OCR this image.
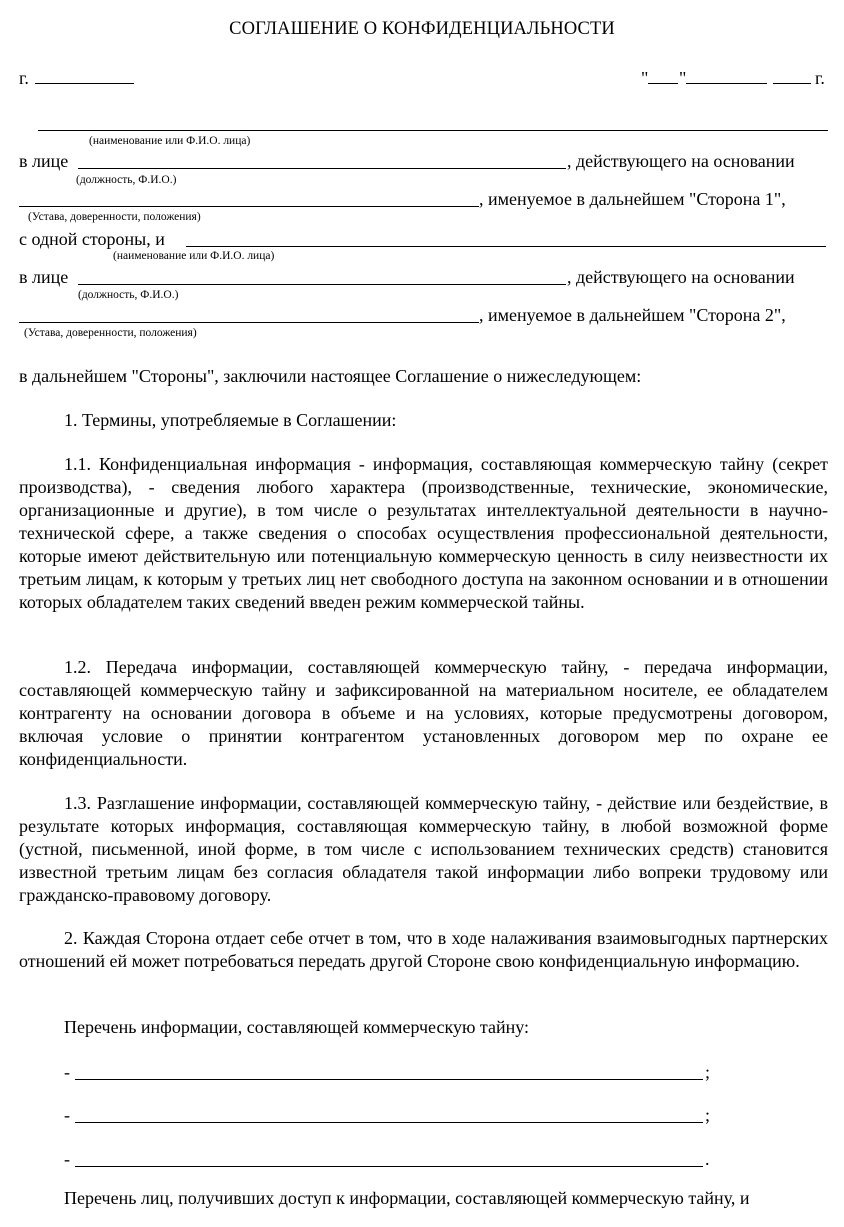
СОГЛАШЕНИЕ О КОНФИДЕНЦИАЛЬНОСТИ
г.	" "	г.
(наименование или Ф.И.О. лица)
в лице	, действующего на основании
(должность, Ф.И.О.)
, именуемое в дальнейшем "Сторона 1",
(Устава, доверенности, положения)
с одной стороны, и
(наименование или Ф.И.О. лица)
в лице	, действующего на основании
(должность, Ф.И.О.)
, именуемое в дальнейшем "Сторона 2",
(Устава, доверенности, положения)
в дальнейшем "Стороны", заключили настоящее Соглашение о нижеследующем:
1. Термины, употребляемые в Соглашении:
1.1. Конфиденциальная информация - информация, составляющая коммерческую тайну (секрет производства), - сведения любого характера (производственные, технические, экономические, организационные и другие), в том числе о результатах интеллектуальной деятельности в научно-технической сфере, а также сведения о способах осуществления профессиональной деятельности, которые имеют действительную или потенциальную коммерческую ценность в силу неизвестности их третьим лицам, к которым у третьих лиц нет свободного доступа на законном основании и в отношении которых обладателем таких сведений введен режим коммерческой тайны.
1.2. Передача информации, составляющей коммерческую тайну, - передача информации, составляющей коммерческую тайну и зафиксированной на материальном носителе, ее обладателем контрагенту на основании договора в объеме и на условиях, которые предусмотрены договором, включая условие о принятии контрагентом установленных договором мер по охране ее конфиденциальности.
1.3. Разглашение информации, составляющей коммерческую тайну, - действие или бездействие, в результате которых информация, составляющая коммерческую тайну, в любой возможной форме (устной, письменной, иной форме, в том числе с использованием технических средств) становится известной третьим лицам без согласия обладателя такой информации либо вопреки трудовому или гражданско-правовому договору.
2. Каждая Сторона отдает себе отчет в том, что в ходе налаживания взаимовыгодных партнерских отношений ей может потребоваться передать другой Стороне свою конфиденциальную информацию.
Перечень информации, составляющей коммерческую тайну:
-	;
-	;
-	.
Перечень лиц, получивших доступ к информации, составляющей коммерческую тайну, и
